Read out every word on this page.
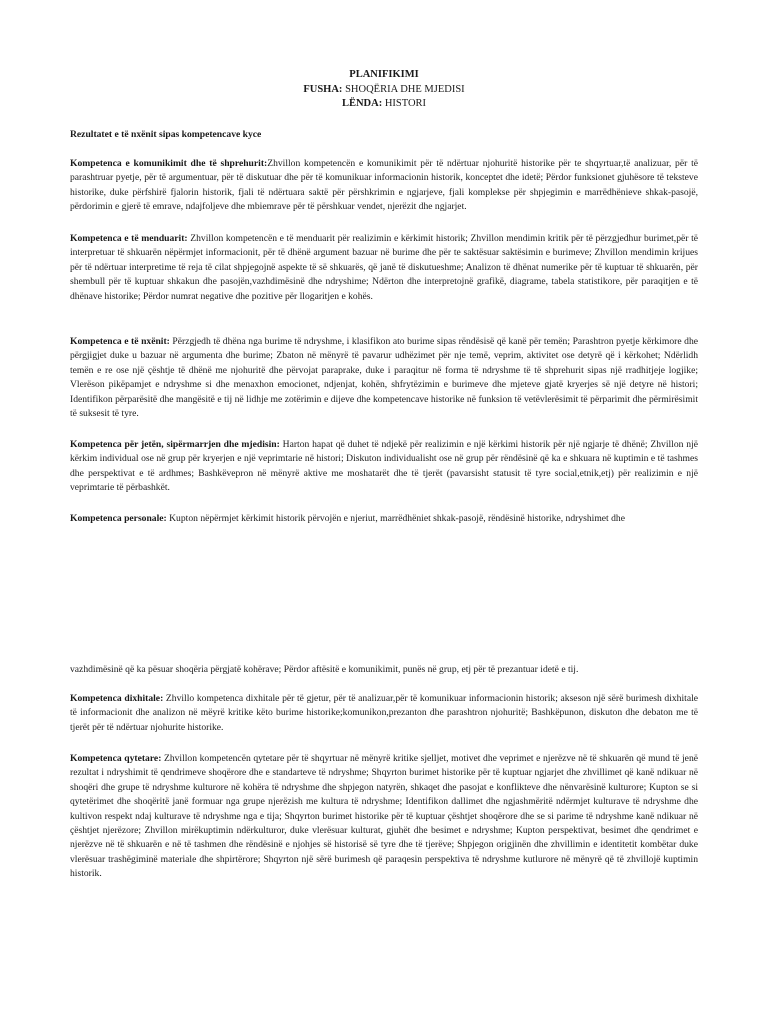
PLANIFIKIMI
FUSHA: SHOQËRIA DHE MJEDISI
LËNDA: HISTORI
Rezultatet e të nxënit sipas kompetencave kyce
Kompetenca e komunikimit dhe të shprehurit:Zhvillon kompetencën e komunikimit për të ndërtuar njohuritë historike për te shqyrtuar,të analizuar, për të parashtruar pyetje, për të argumentuar, për të diskutuar dhe për të komunikuar informacionin historik, konceptet dhe idetë; Përdor funksionet gjuhësore të teksteve historike, duke përfshirë fjalorin historik, fjali të ndërtuara saktë për përshkrimin e ngjarjeve, fjali komplekse për shpjegimin e marrëdhënieve shkak-pasojë, përdorimin e gjerë të emrave, ndajfoljeve dhe mbiemrave për të përshkuar vendet, njerëzit dhe ngjarjet.
Kompetenca e të menduarit: Zhvillon kompetencën e të menduarit për realizimin e kërkimit historik; Zhvillon mendimin kritik për të përzgjedhur burimet,për të interpretuar të shkuarën nëpërmjet informacionit, për të dhënë argument bazuar në burime dhe për te saktësuar saktësimin e burimeve; Zhvillon mendimin krijues për të ndërtuar interpretime të reja të cilat shpjegojnë aspekte të së shkuarës, që janë të diskutueshme; Analizon të dhënat numerike për të kuptuar të shkuarën, për shembull për të kuptuar shkakun dhe pasojën,vazhdimësinë dhe ndryshime; Ndërton dhe interpretojnë grafikë, diagrame, tabela statistikore, për paraqitjen e të dhënave historike; Përdor numrat negative dhe pozitive për llogaritjen e kohës.
Kompetenca e të nxënit: Përzgjedh të dhëna nga burime të ndryshme, i klasifikon ato burime sipas rëndësisë që kanë për temën; Parashtron pyetje kërkimore dhe përgjigjet duke u bazuar në argumenta dhe burime; Zbaton në mënyrë të pavarur udhëzimet për nje temë, veprim, aktivitet ose detyrë që i kërkohet; Ndërlidh temën e re ose një çështje të dhënë me njohuritë dhe përvojat paraprake, duke i paraqitur në forma të ndryshme të të shprehurit sipas një rradhitjeje logjike; Vlerëson pikëpamjet e ndryshme si dhe menaxhon emocionet, ndjenjat, kohën, shfrytëzimin e burimeve dhe mjeteve gjatë kryerjes së një detyre në histori; Identifikon përparësitë dhe mangësitë e tij në lidhje me zotërimin e dijeve dhe kompetencave historike në funksion të vetëvlerësimit të përparimit dhe përmirësimit të suksesit të tyre.
Kompetenca për jetën, sipërmarrjen dhe mjedisin: Harton hapat që duhet të ndjekë për realizimin e një kërkimi historik për një ngjarje të dhënë; Zhvillon një kërkim individual ose në grup për kryerjen e një veprimtarie në histori; Diskuton individualisht ose në grup për rëndësinë që ka e shkuara në kuptimin e të tashmes dhe perspektivat e të ardhmes; Bashkëvepron në mënyrë aktive me moshatarët dhe të tjerët (pavarsisht statusit të tyre social,etnik,etj) për realizimin e një veprimtarie të përbashkët.
Kompetenca personale: Kupton nëpërmjet kërkimit historik përvojën e njeriut, marrëdhëniet shkak-pasojë, rëndësinë historike, ndryshimet dhe
vazhdimësinë që ka pësuar shoqëria përgjatë kohërave; Përdor aftësitë e komunikimit, punës në grup, etj për të prezantuar idetë e tij.
Kompetenca dixhitale: Zhvillo kompetenca dixhitale për të gjetur, për të analizuar,për të komunikuar informacionin historik; akseson një sërë burimesh dixhitale të informacionit dhe analizon në mëyrë kritike këto burime historike;komunikon,prezanton dhe parashtron njohuritë; Bashkëpunon, diskuton dhe debaton me të tjerët për të ndërtuar njohurite historike.
Kompetenca qytetare: Zhvillon kompetencën qytetare për të shqyrtuar në mënyrë kritike sjelljet, motivet dhe veprimet e njerëzve në të shkuarën që mund të jenë rezultat i ndryshimit të qendrimeve shoqërore dhe e standarteve të ndryshme; Shqyrton burimet historike për të kuptuar ngjarjet dhe zhvillimet që kanë ndikuar në shoqëri dhe grupe të ndryshme kulturore në kohëra të ndryshme dhe shpjegon natyrën, shkaqet dhe pasojat e konflikteve dhe nënvarësinë kulturore; Kupton se si qytetërimet dhe shoqëritë janë formuar nga grupe njerëzish me kultura të ndryshme; Identifikon dallimet dhe ngjashmëritë ndërmjet kulturave të ndryshme dhe kultivon respekt ndaj kulturave të ndryshme nga e tija; Shqyrton burimet historike për të kuptuar çështjet shoqërore dhe se si parime të ndryshme kanë ndikuar në çështjet njerëzore; Zhvillon mirëkuptimin ndërkulturor, duke vlerësuar kulturat, gjuhët dhe besimet e ndryshme; Kupton perspektivat, besimet dhe qendrimet e njerëzve në të shkuarën e në të tashmen dhe rëndësinë e njohjes së historisë së tyre dhe të tjerëve; Shpjegon origjinën dhe zhvillimin e identitetit kombëtar duke vlerësuar trashëgiminë materiale dhe shpirtërore; Shqyrton një sërë burimesh që paraqesin perspektiva të ndryshme kutlurore në mënyrë që të zhvillojë kuptimin historik.
